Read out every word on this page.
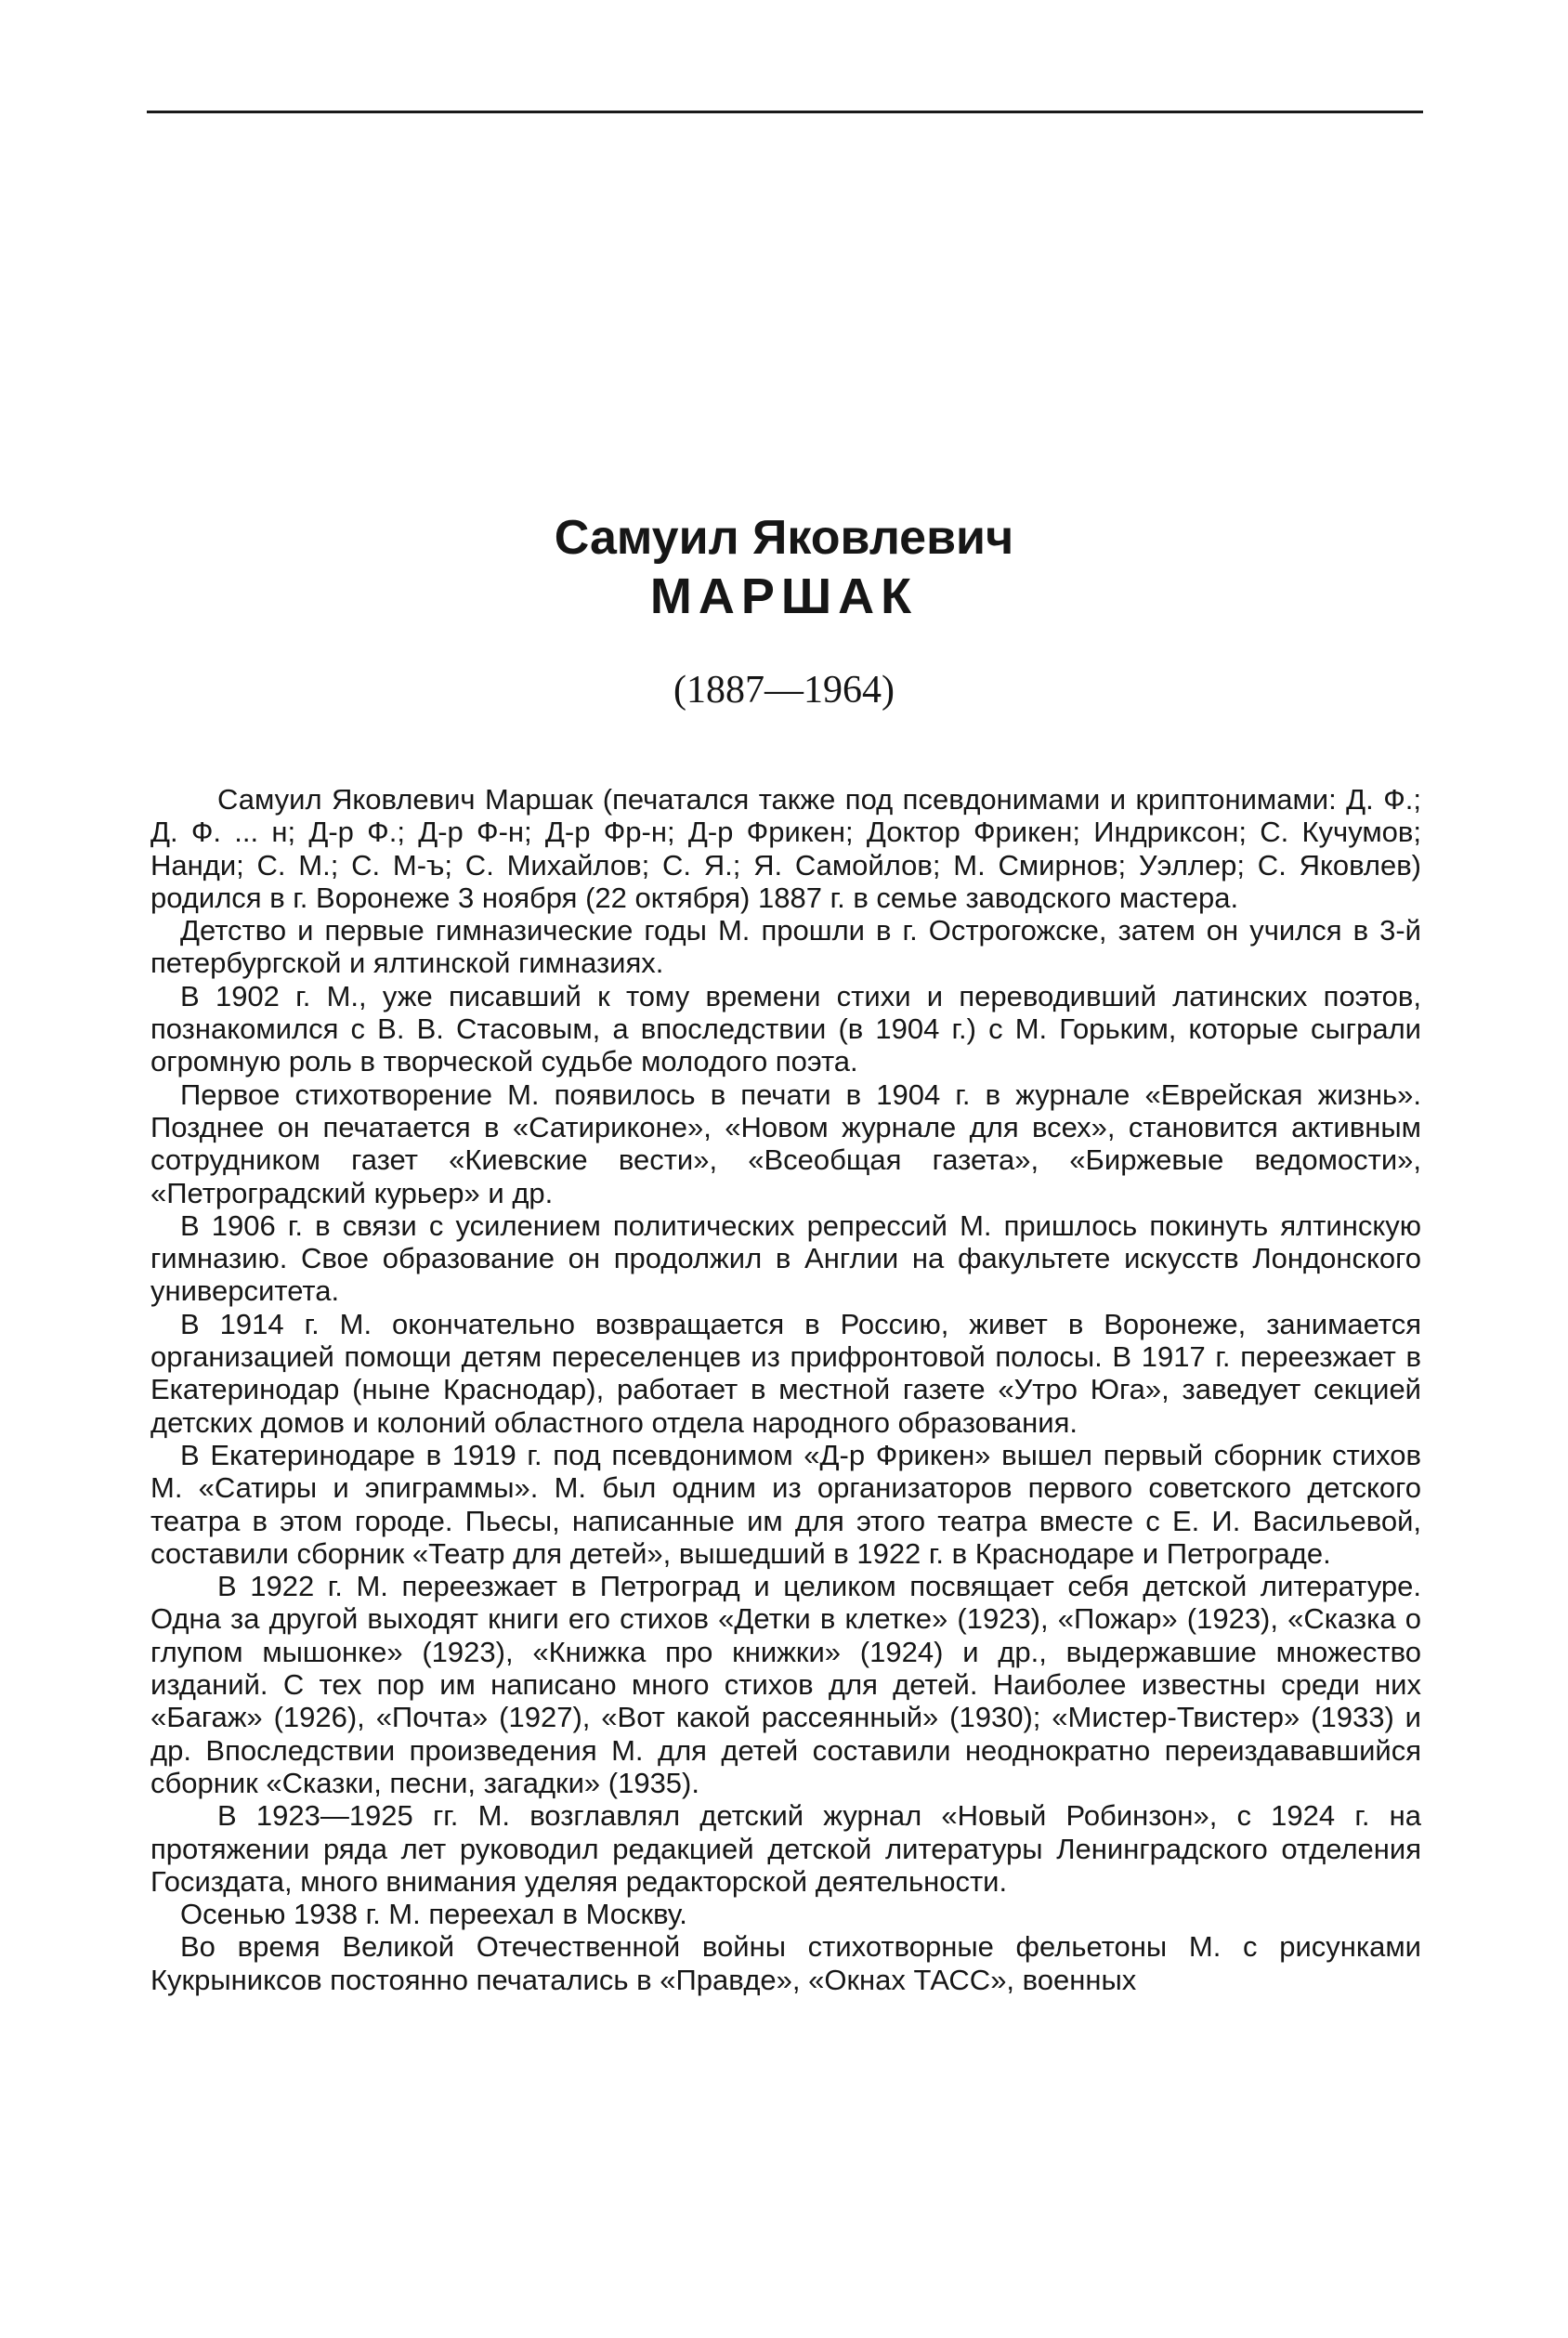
Самуил Яковлевич
МАРШАК
(1887—1964)

Самуил Яковлевич Маршак (печатался также под псевдонимами и криптонимами: Д. Ф.; Д. Ф. ... н; Д-р Ф.; Д-р Ф-н; Д-р Фр-н; Д-р Фрикен; Доктор Фрикен; Индриксон; С. Кучумов; Нанди; С. М.; С. М-ъ; С. Михайлов; С. Я.; Я. Самойлов; М. Смирнов; Уэллер; С. Яковлев) родился в г. Воронеже 3 ноября (22 октября) 1887 г. в семье заводского мастера.

Детство и первые гимназические годы М. прошли в г. Острогожске, затем он учился в 3-й петербургской и ялтинской гимназиях.

В 1902 г. М., уже писавший к тому времени стихи и переводивший латинских поэтов, познакомился с В. В. Стасовым, а впоследствии (в 1904 г.) с М. Горьким, которые сыграли огромную роль в творческой судьбе молодого поэта.

Первое стихотворение М. появилось в печати в 1904 г. в журнале «Еврейская жизнь». Позднее он печатается в «Сатириконе», «Новом журнале для всех», становится активным сотрудником газет «Киевские вести», «Всеобщая газета», «Биржевые ведомости», «Петроградский курьер» и др.

В 1906 г. в связи с усилением политических репрессий М. пришлось покинуть ялтинскую гимназию. Свое образование он продолжил в Англии на факультете искусств Лондонского университета.

В 1914 г. М. окончательно возвращается в Россию, живет в Воронеже, занимается организацией помощи детям переселенцев из прифронтовой полосы. В 1917 г. переезжает в Екатеринодар (ныне Краснодар), работает в местной газете «Утро Юга», заведует секцией детских домов и колоний областного отдела народного образования.

В Екатеринодаре в 1919 г. под псевдонимом «Д-р Фрикен» вышел первый сборник стихов М. «Сатиры и эпиграммы». М. был одним из организаторов первого советского детского театра в этом городе. Пьесы, написанные им для этого театра вместе с Е. И. Васильевой, составили сборник «Театр для детей», вышедший в 1922 г. в Краснодаре и Петрограде.

В 1922 г. М. переезжает в Петроград и целиком посвящает себя детской литературе. Одна за другой выходят книги его стихов «Детки в клетке» (1923), «Пожар» (1923), «Сказка о глупом мышонке» (1923), «Книжка про книжки» (1924) и др., выдержавшие множество изданий. С тех пор им написано много стихов для детей. Наиболее известны среди них «Багаж» (1926), «Почта» (1927), «Вот какой рассеянный» (1930); «Мистер-Твистер» (1933) и др. Впоследствии произведения М. для детей составили неоднократно переиздававшийся сборник «Сказки, песни, загадки» (1935).

В 1923—1925 гг. М. возглавлял детский журнал «Новый Робинзон», с 1924 г. на протяжении ряда лет руководил редакцией детской литературы Ленинградского отделения Госиздата, много внимания уделяя редакторской деятельности.

Осенью 1938 г. М. переехал в Москву.

Во время Великой Отечественной войны стихотворные фельетоны М. с рисунками Кукрыниксов постоянно печатались в «Правде», «Окнах ТАСС», военных
